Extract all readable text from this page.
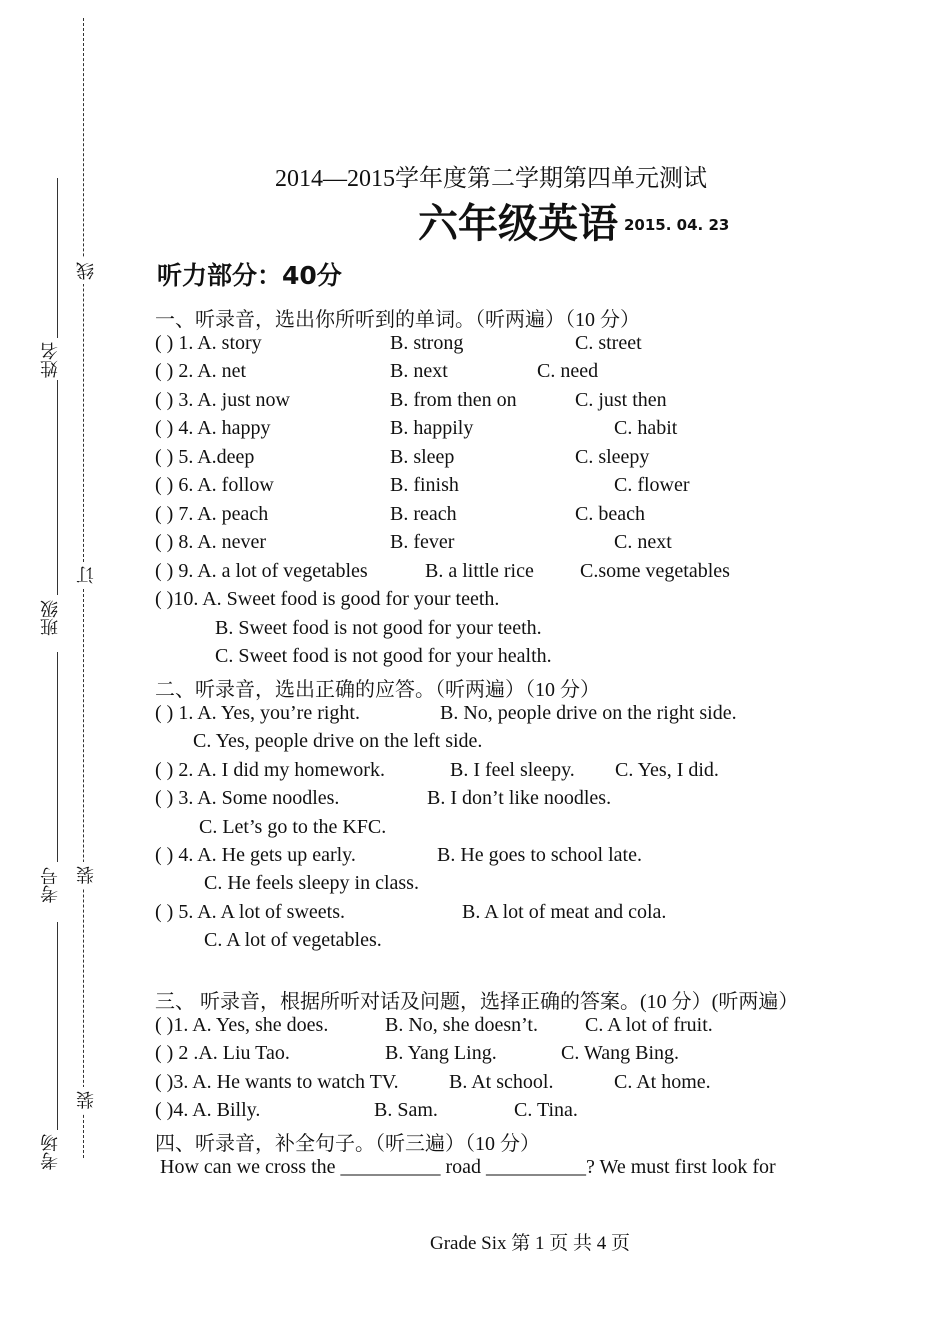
线
订
装
装
姓名
班级
考号
考场
2014—2015学年度第二学期第四单元测试
六年级英语 2015. 04. 23
听力部分：40分
一、听录音，选出你所听到的单词。（听两遍）（10 分）
( ) 1. A. story	B. strong	C. street
( ) 2. A. net	B. next	C. need
( ) 3. A. just now	B. from then on	C. just then
( ) 4. A. happy	B. happily	C. habit
( ) 5. A.deep	B. sleep	C. sleepy
( ) 6. A. follow	B. finish	C. flower
( ) 7. A. peach	B. reach	C. beach
( ) 8. A. never	B. fever	C. next
( ) 9. A. a lot of vegetables	B. a little rice C.some vegetables
( )10. A. Sweet food is good for your teeth.
B. Sweet food is not good for your teeth.
C. Sweet food is not good for your health.
二、听录音，选出正确的应答。（听两遍）（10 分）
( ) 1. A. Yes, you’re right.	B. No, people drive on the right side.
C. Yes, people drive on the left side.
( ) 2. A. I did my homework.	B. I feel sleepy. C. Yes, I did.
( ) 3. A. Some noodles.	B. I don’t like noodles.
C. Let’s go to the KFC.
( ) 4. A. He gets up early.	B. He goes to school late.
C. He feels sleepy in class.
( ) 5. A. A lot of sweets.	B. A lot of meat and cola.
C. A lot of vegetables.
三、 听录音，根据所听对话及问题，选择正确的答案。(10 分）(听两遍）
( )1. A. Yes, she does.	B. No, she doesn’t. C. A lot of fruit.
( ) 2 .A. Liu Tao.	B. Yang Ling.	C. Wang Bing.
( )3. A. He wants to watch TV.	B. At school.	C. At home.
( )4. A. Billy.	B. Sam.	C. Tina.
四、听录音，补全句子。（听三遍）（10 分）
How can we cross the __________ road __________? We must first look for
Grade Six 第 1 页 共 4 页
